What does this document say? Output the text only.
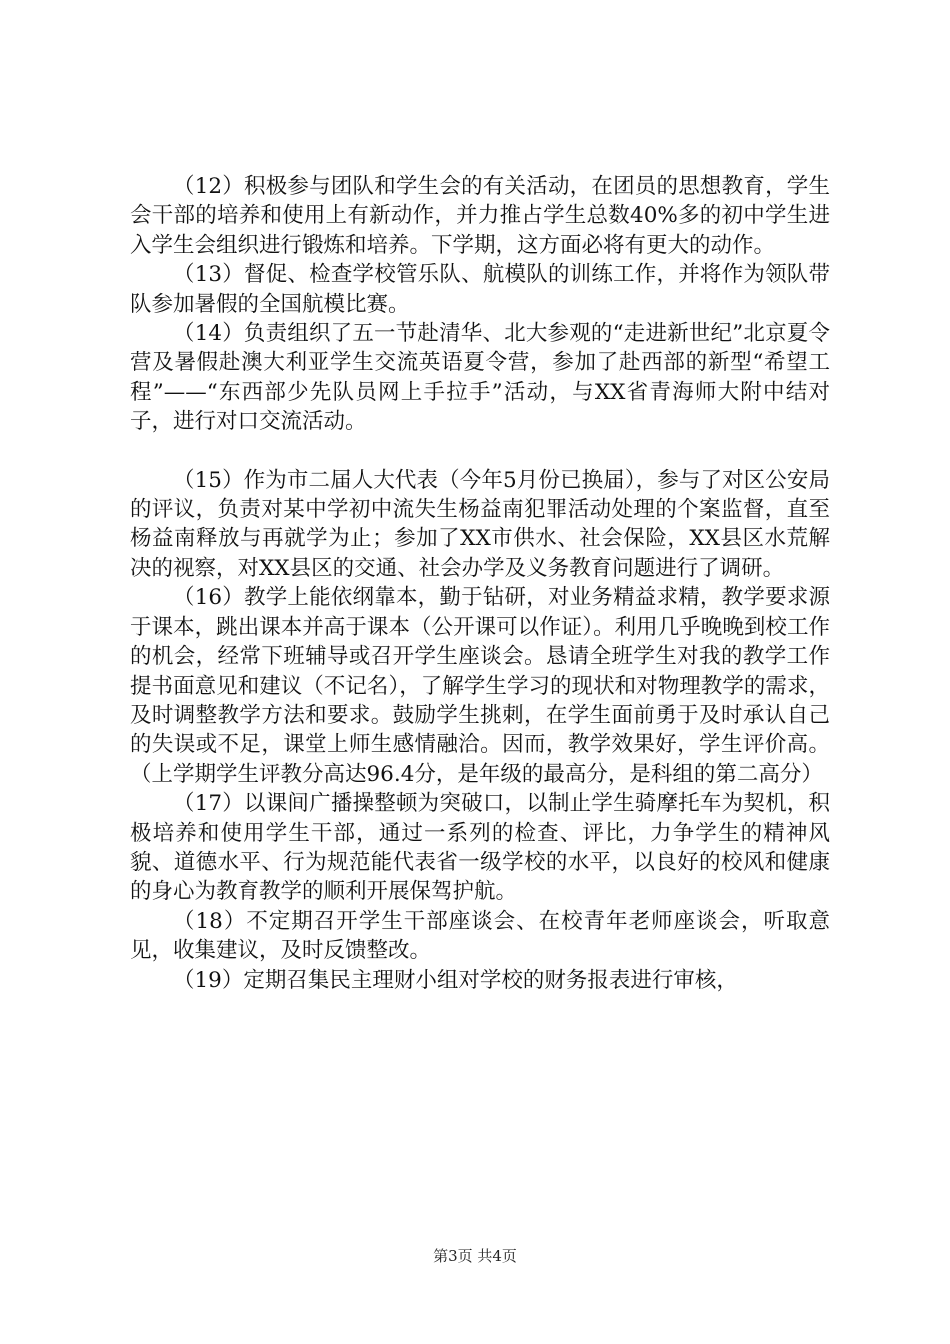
（12）积极参与团队和学生会的有关活动，在团员的思想教育，学生会干部的培养和使用上有新动作，并力推占学生总数40%多的初中学生进入学生会组织进行锻炼和培养。下学期，这方面必将有更大的动作。

（13）督促、检查学校管乐队、航模队的训练工作，并将作为领队带队参加暑假的全国航模比赛。

（14）负责组织了五一节赴清华、北大参观的“走进新世纪”北京夏令营及暑假赴澳大利亚学生交流英语夏令营，参加了赴西部的新型“希望工程”——“东西部少先队员网上手拉手”活动，与XX省青海师大附中结对子，进行对口交流活动。

（15）作为市二届人大代表（今年5月份已换届），参与了对区公安局的评议，负责对某中学初中流失生杨益南犯罪活动处理的个案监督，直至杨益南释放与再就学为止；参加了XX市供水、社会保险，XX县区水荒解决的视察，对XX县区的交通、社会办学及义务教育问题进行了调研。

（16）教学上能依纲靠本，勤于钻研，对业务精益求精，教学要求源于课本，跳出课本并高于课本（公开课可以作证）。利用几乎晚晚到校工作的机会，经常下班辅导或召开学生座谈会。恳请全班学生对我的教学工作提书面意见和建议（不记名），了解学生学习的现状和对物理教学的需求，及时调整教学方法和要求。鼓励学生挑刺，在学生面前勇于及时承认自己的失误或不足，课堂上师生感情融洽。因而，教学效果好，学生评价高。（上学期学生评教分高达96.4分，是年级的最高分，是科组的第二高分）

（17）以课间广播操整顿为突破口，以制止学生骑摩托车为契机，积极培养和使用学生干部，通过一系列的检查、评比，力争学生的精神风貌、道德水平、行为规范能代表省一级学校的水平，以良好的校风和健康的身心为教育教学的顺利开展保驾护航。

（18）不定期召开学生干部座谈会、在校青年老师座谈会，听取意见，收集建议，及时反馈整改。

（19）定期召集民主理财小组对学校的财务报表进行审核，

第3页 共4页
